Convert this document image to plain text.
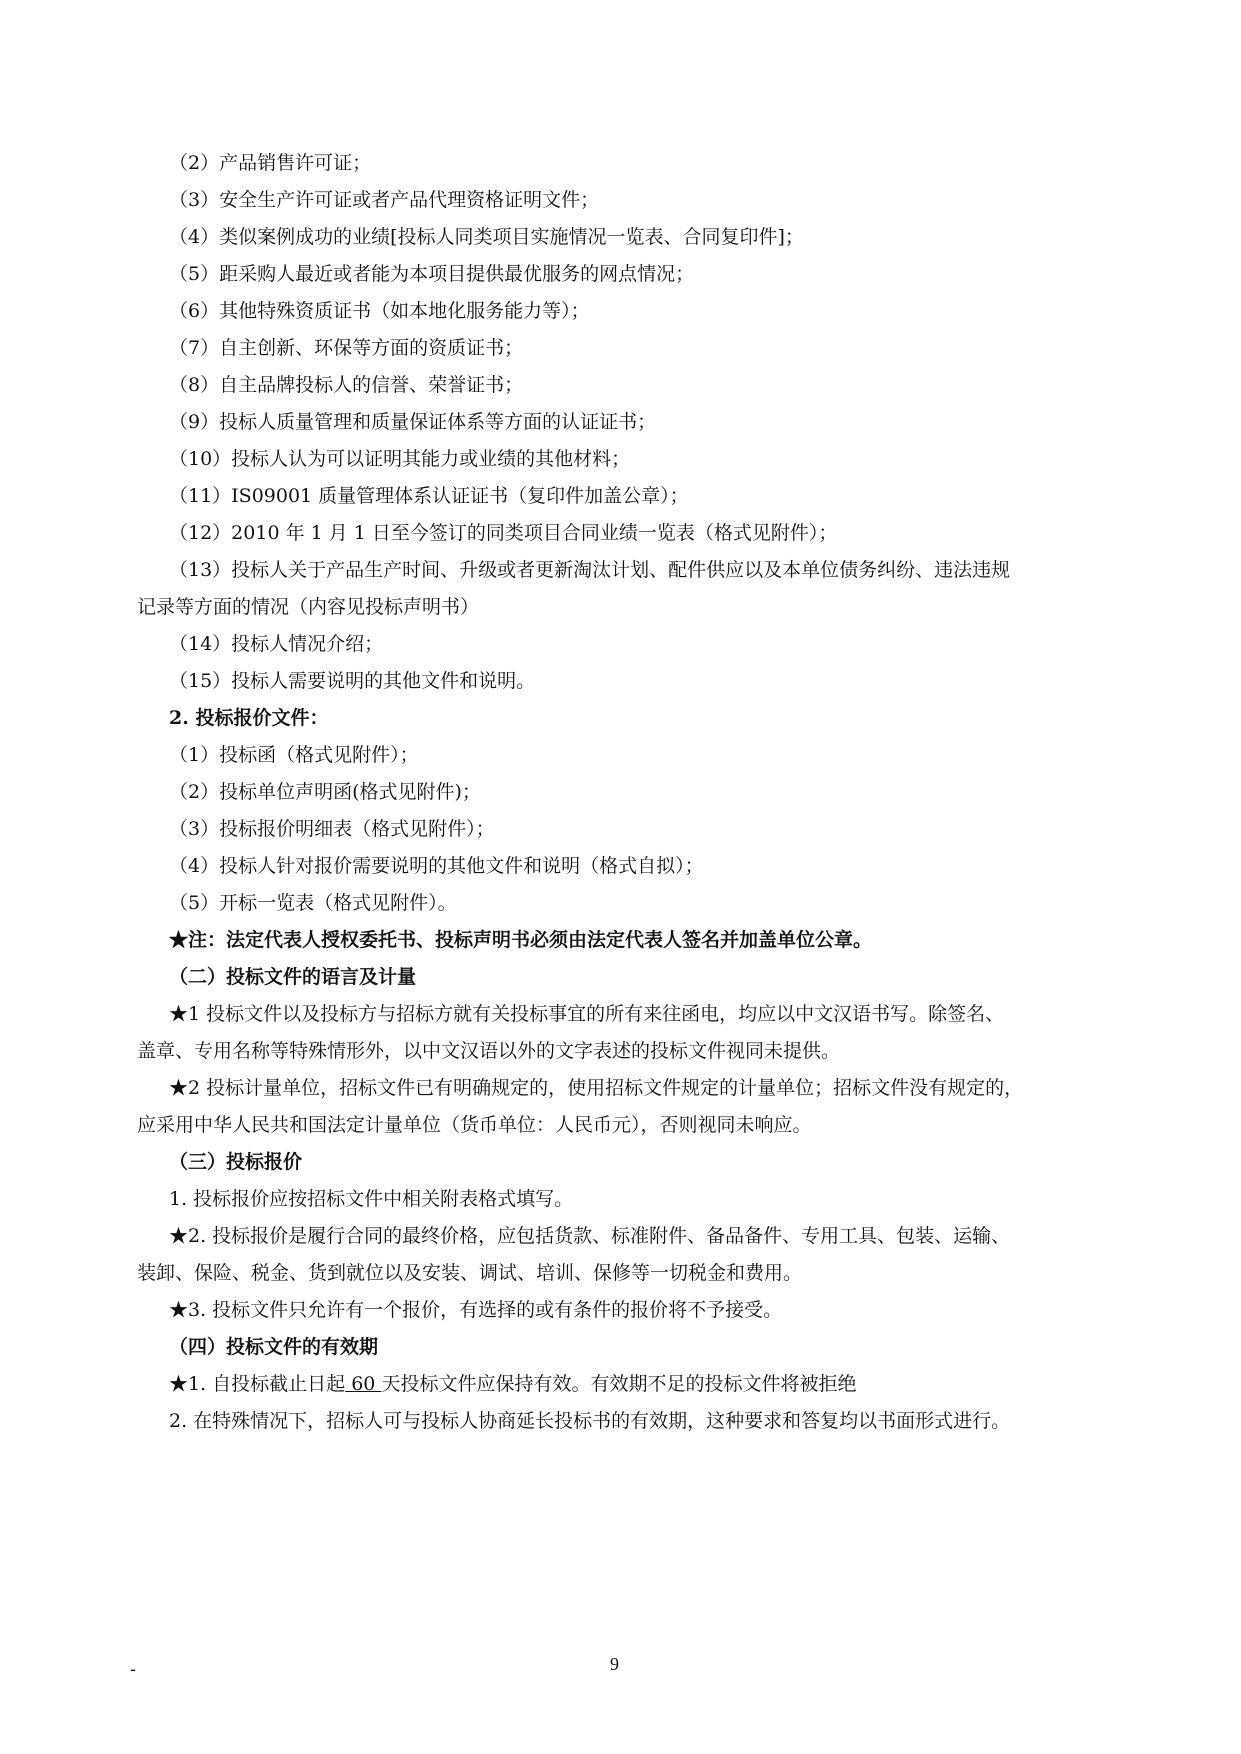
（2）产品销售许可证；
（3）安全生产许可证或者产品代理资格证明文件；
（4）类似案例成功的业绩[投标人同类项目实施情况一览表、合同复印件]；
（5）距采购人最近或者能为本项目提供最优服务的网点情况；
（6）其他特殊资质证书（如本地化服务能力等）；
（7）自主创新、环保等方面的资质证书；
（8）自主品牌投标人的信誉、荣誉证书；
（9）投标人质量管理和质量保证体系等方面的认证证书；
（10）投标人认为可以证明其能力或业绩的其他材料；
（11）IS09001 质量管理体系认证证书（复印件加盖公章）；
（12）2010 年 1 月 1 日至今签订的同类项目合同业绩一览表（格式见附件）；
（13）投标人关于产品生产时间、升级或者更新淘汰计划、配件供应以及本单位债务纠纷、违法违规
记录等方面的情况（内容见投标声明书）
（14）投标人情况介绍；
（15）投标人需要说明的其他文件和说明。
2. 投标报价文件：
（1）投标函（格式见附件）；
（2）投标单位声明函(格式见附件)；
（3）投标报价明细表（格式见附件）；
（4）投标人针对报价需要说明的其他文件和说明（格式自拟）；
（5）开标一览表（格式见附件）。
★注：法定代表人授权委托书、投标声明书必须由法定代表人签名并加盖单位公章。
（二）投标文件的语言及计量
★1 投标文件以及投标方与招标方就有关投标事宜的所有来往函电，均应以中文汉语书写。除签名、
盖章、专用名称等特殊情形外，以中文汉语以外的文字表述的投标文件视同未提供。
★2 投标计量单位，招标文件已有明确规定的，使用招标文件规定的计量单位；招标文件没有规定的，
应采用中华人民共和国法定计量单位（货币单位：人民币元），否则视同未响应。
（三）投标报价
1. 投标报价应按招标文件中相关附表格式填写。
★2. 投标报价是履行合同的最终价格，应包括货款、标准附件、备品备件、专用工具、包装、运输、
装卸、保险、税金、货到就位以及安装、调试、培训、保修等一切税金和费用。
★3. 投标文件只允许有一个报价，有选择的或有条件的报价将不予接受。
（四）投标文件的有效期
★1. 自投标截止日起 60 天投标文件应保持有效。有效期不足的投标文件将被拒绝
2. 在特殊情况下，招标人可与投标人协商延长投标书的有效期，这种要求和答复均以书面形式进行。
-	9
